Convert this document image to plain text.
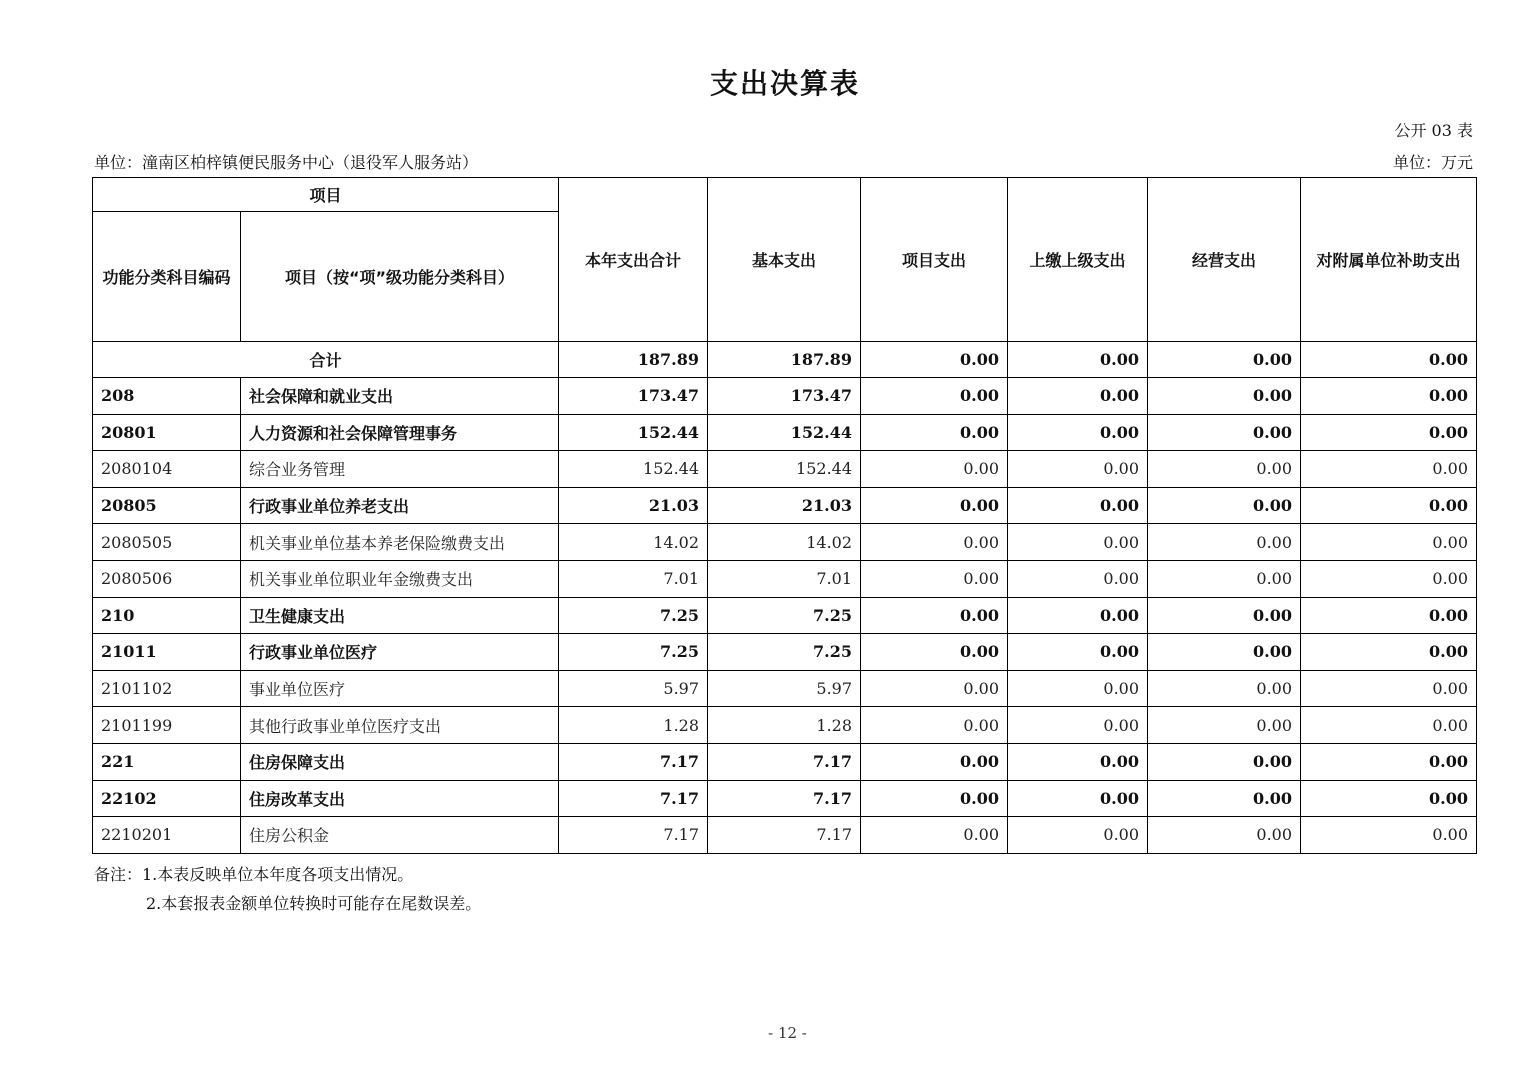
支出决算表
公开 03 表
单位：潼南区柏梓镇便民服务中心（退役军人服务站）	单位：万元
项目		本年支出合计	基本支出	项目支出	上缴上级支出	经营支出	对附属单位补助支出
功能分类科目编码	项目（按“项”级功能分类科目）						
合计		187.89	187.89	0.00	0.00	0.00	0.00
208	社会保障和就业支出	173.47	173.47	0.00	0.00	0.00	0.00
20801	人力资源和社会保障管理事务	152.44	152.44	0.00	0.00	0.00	0.00
2080104	综合业务管理	152.44	152.44	0.00	0.00	0.00	0.00
20805	行政事业单位养老支出	21.03	21.03	0.00	0.00	0.00	0.00
2080505	机关事业单位基本养老保险缴费支出	14.02	14.02	0.00	0.00	0.00	0.00
2080506	机关事业单位职业年金缴费支出	7.01	7.01	0.00	0.00	0.00	0.00
210	卫生健康支出	7.25	7.25	0.00	0.00	0.00	0.00
21011	行政事业单位医疗	7.25	7.25	0.00	0.00	0.00	0.00
2101102	事业单位医疗	5.97	5.97	0.00	0.00	0.00	0.00
2101199	其他行政事业单位医疗支出	1.28	1.28	0.00	0.00	0.00	0.00
221	住房保障支出	7.17	7.17	0.00	0.00	0.00	0.00
22102	住房改革支出	7.17	7.17	0.00	0.00	0.00	0.00
2210201	住房公积金	7.17	7.17	0.00	0.00	0.00	0.00
备注：1.本表反映单位本年度各项支出情况。
2.本套报表金额单位转换时可能存在尾数误差。
- 12 -
